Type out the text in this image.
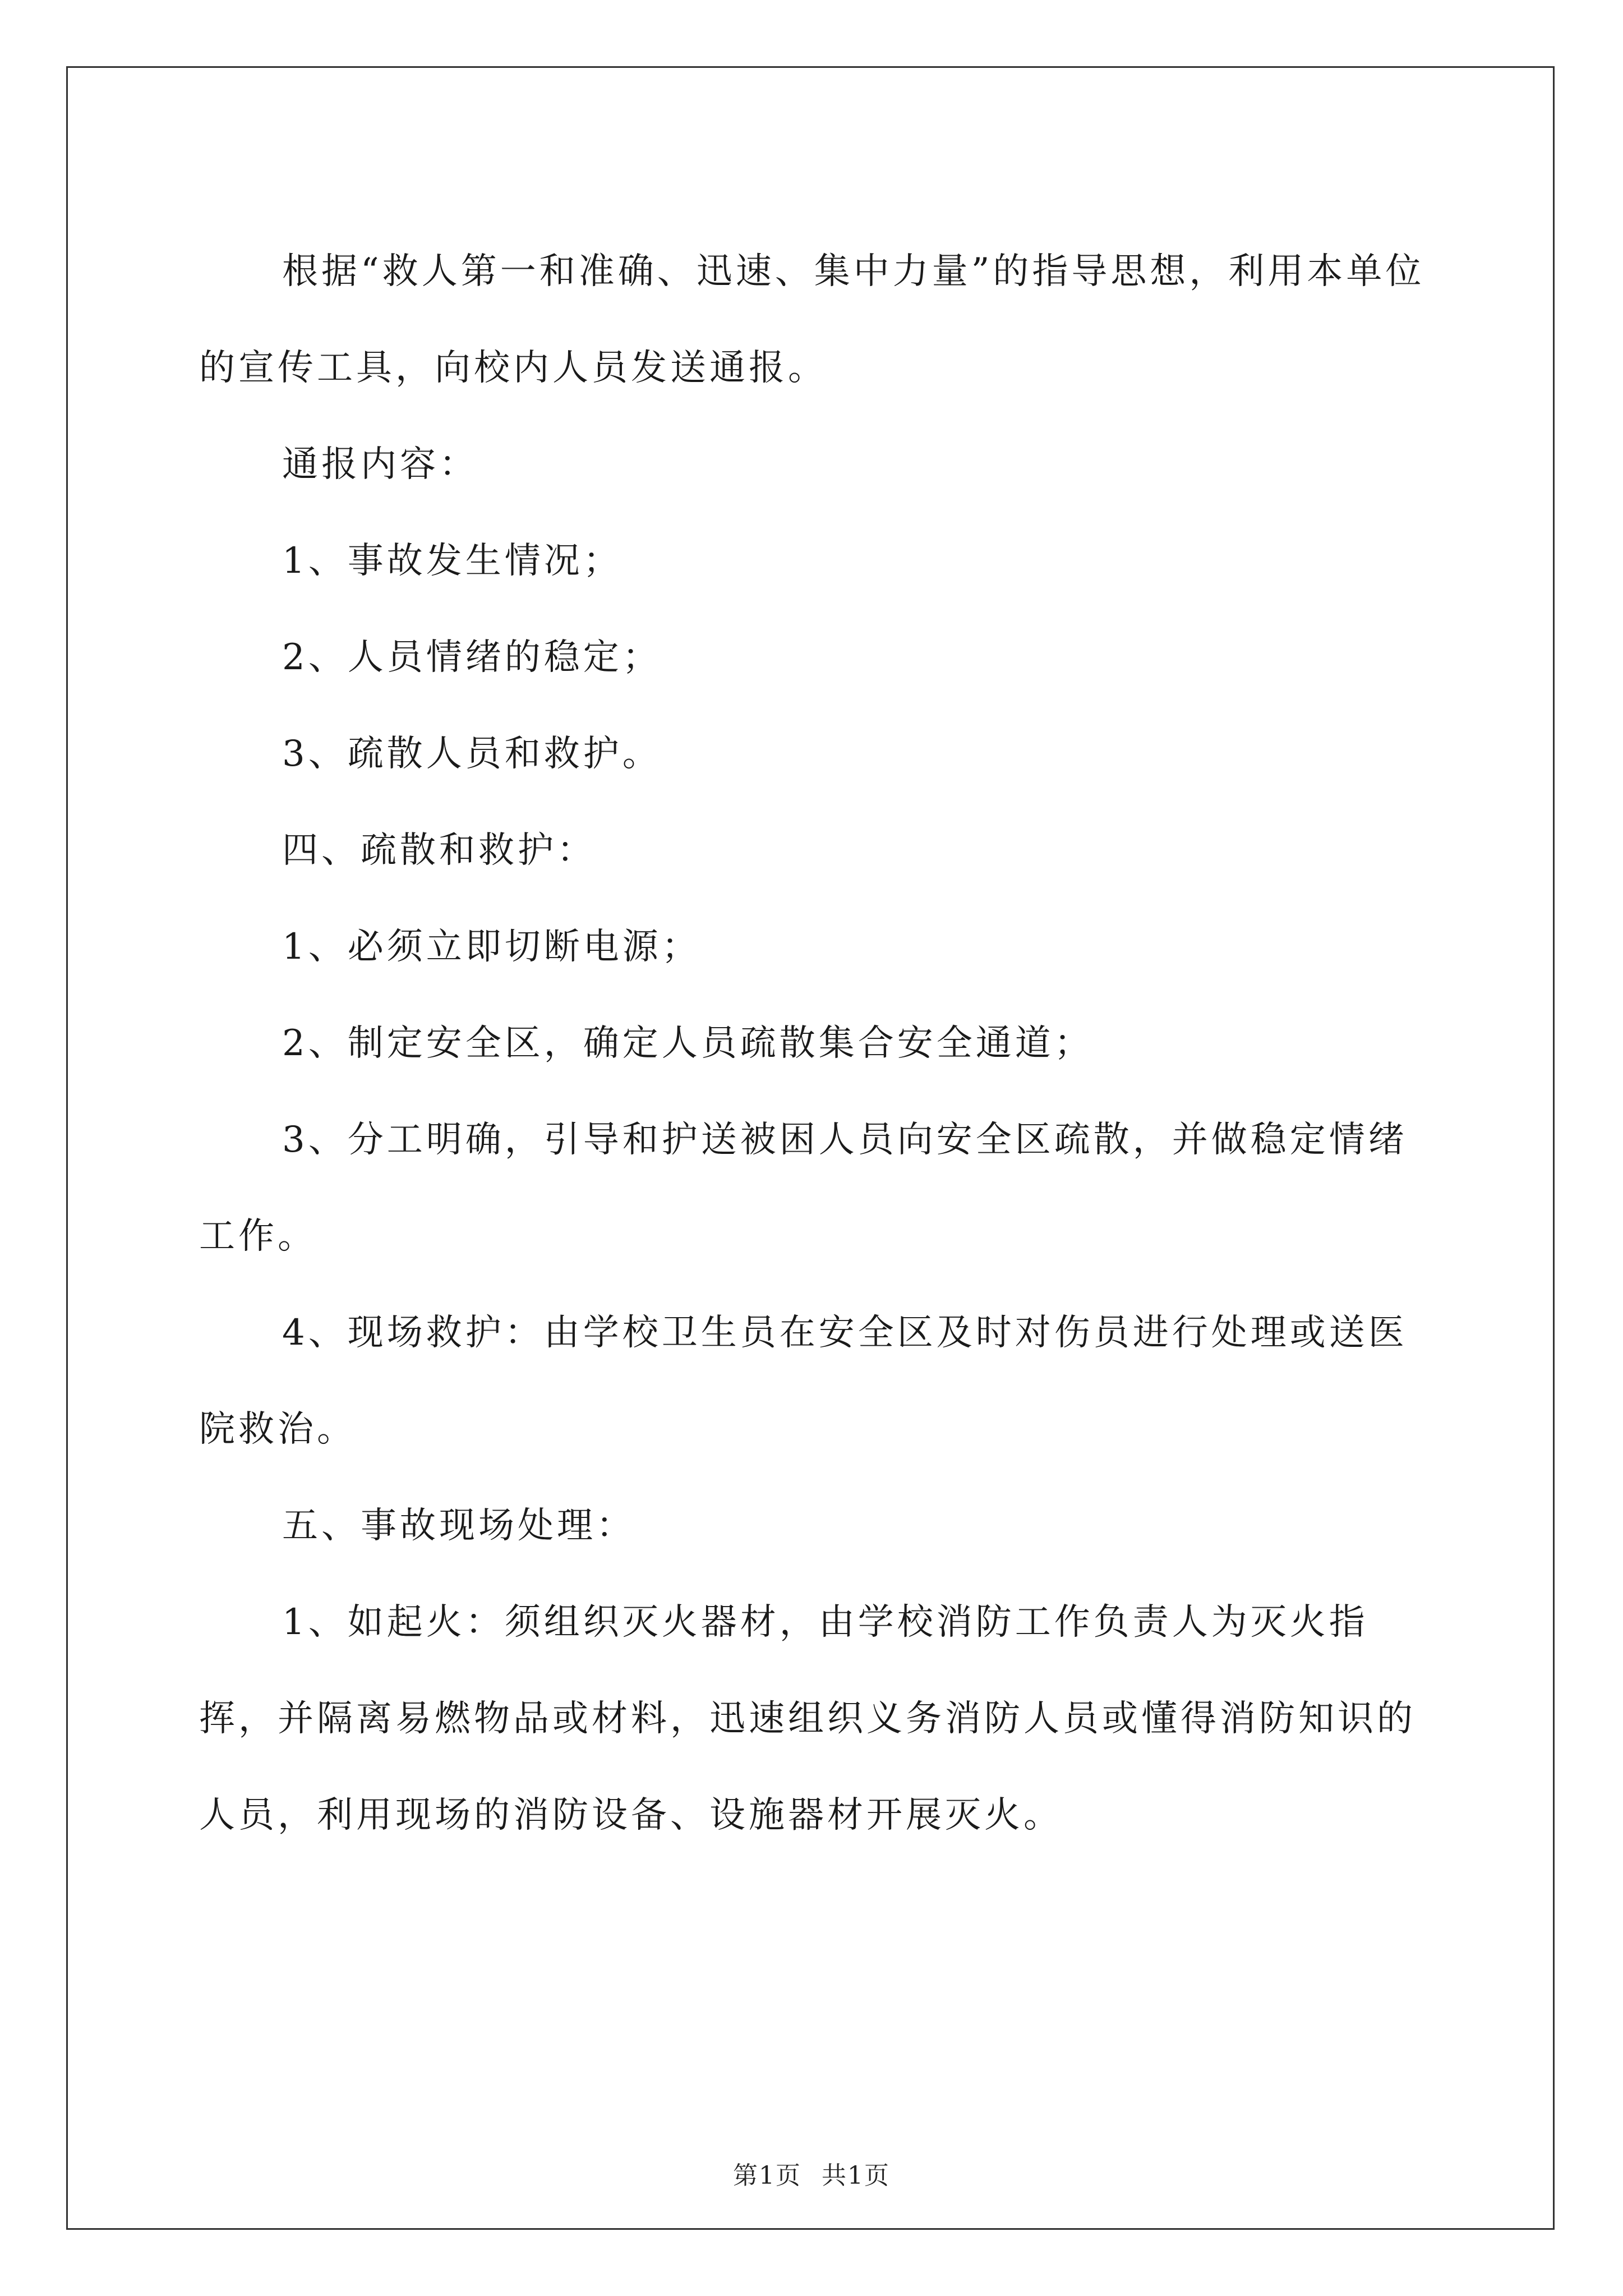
根据“救人第一和准确、迅速、集中力量”的指导思想，利用本单位的宣传工具，向校内人员发送通报。

通报内容：

1、事故发生情况；

2、人员情绪的稳定；

3、疏散人员和救护。

四、疏散和救护：

1、必须立即切断电源；

2、制定安全区，确定人员疏散集合安全通道；

3、分工明确，引导和护送被困人员向安全区疏散，并做稳定情绪工作。

4、现场救护：由学校卫生员在安全区及时对伤员进行处理或送医院救治。

五、事故现场处理：

1、如起火：须组织灭火器材，由学校消防工作负责人为灭火指挥，并隔离易燃物品或材料，迅速组织义务消防人员或懂得消防知识的人员，利用现场的消防设备、设施器材开展灭火。

第1页 共1页
